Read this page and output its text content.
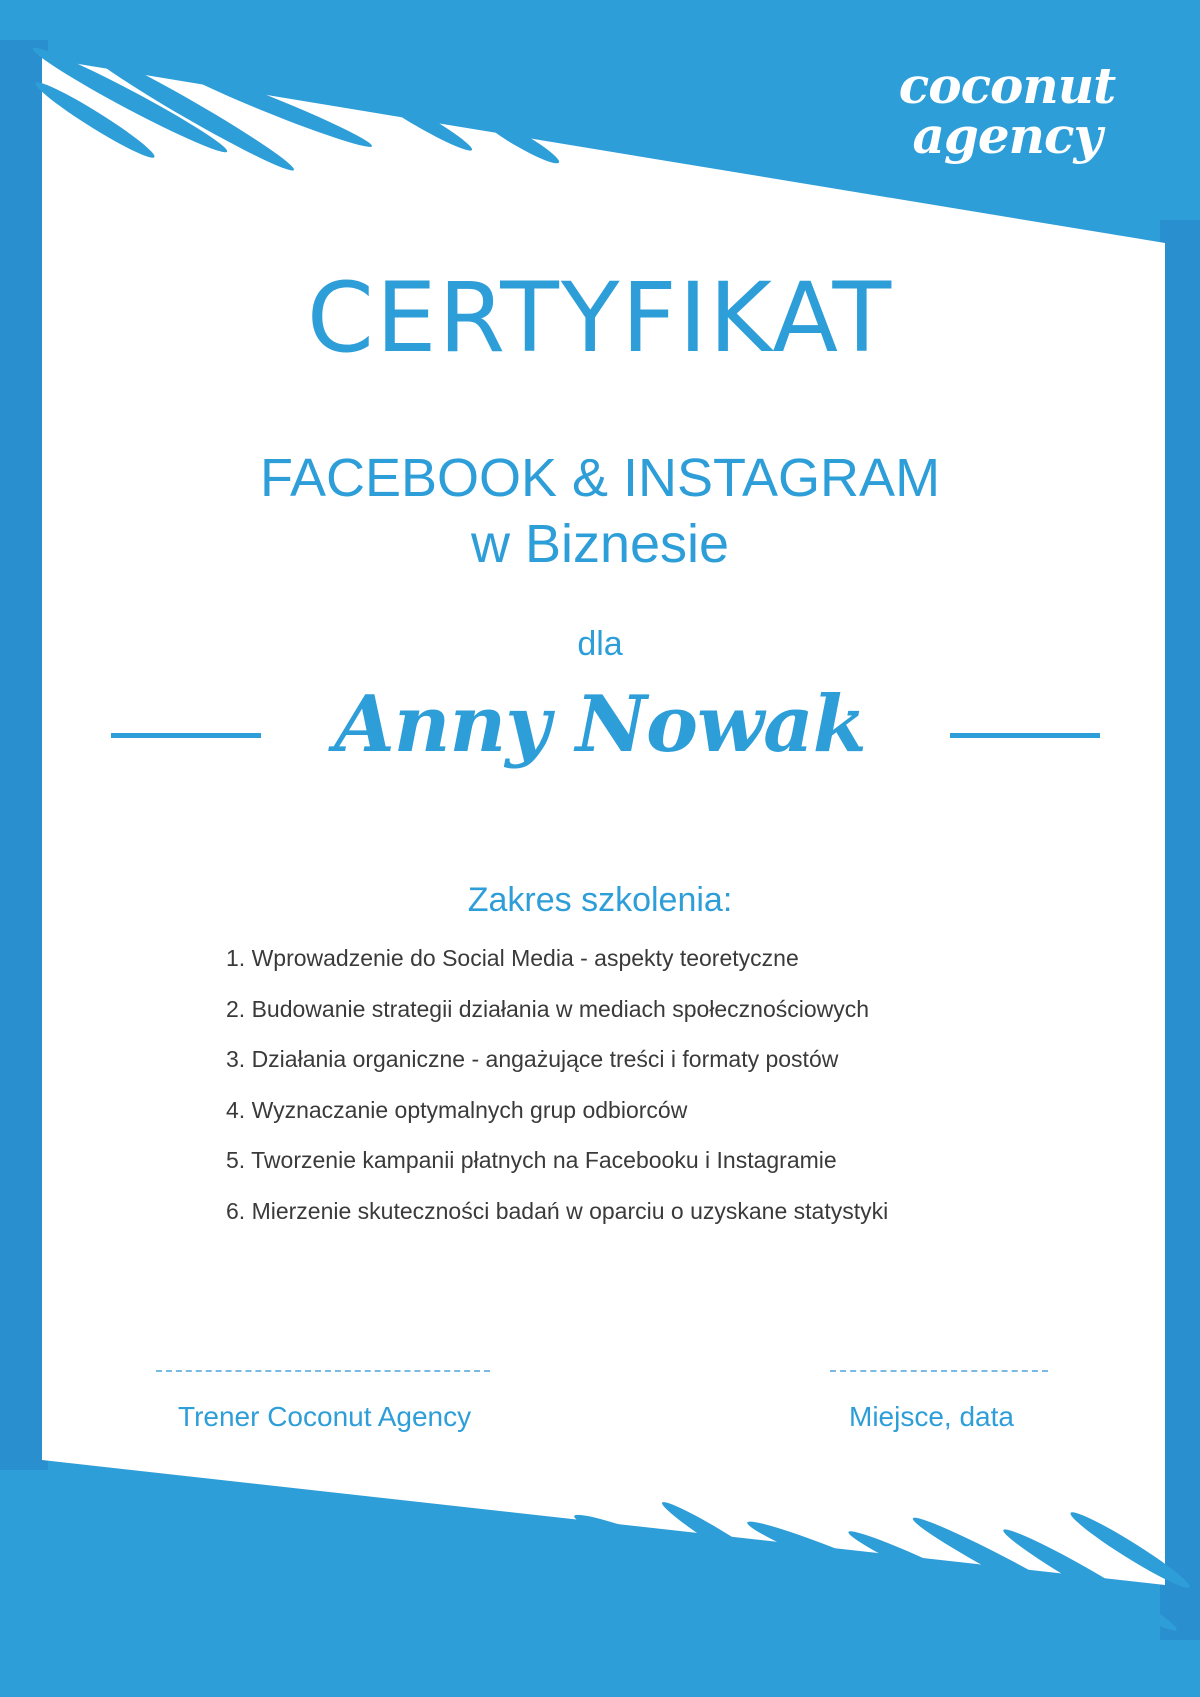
coconut
agency
CERTYFIKAT
FACEBOOK & INSTAGRAM
w Biznesie
dla
Anny Nowak
Zakres szkolenia:
1. Wprowadzenie do Social Media - aspekty teoretyczne
2. Budowanie strategii działania w mediach społecznościowych
3. Działania organiczne - angażujące treści i formaty postów
4. Wyznaczanie optymalnych grup odbiorców
5. Tworzenie kampanii płatnych na Facebooku i Instagramie
6. Mierzenie skuteczności badań w oparciu o uzyskane statystyki
Trener Coconut Agency	Miejsce, data
